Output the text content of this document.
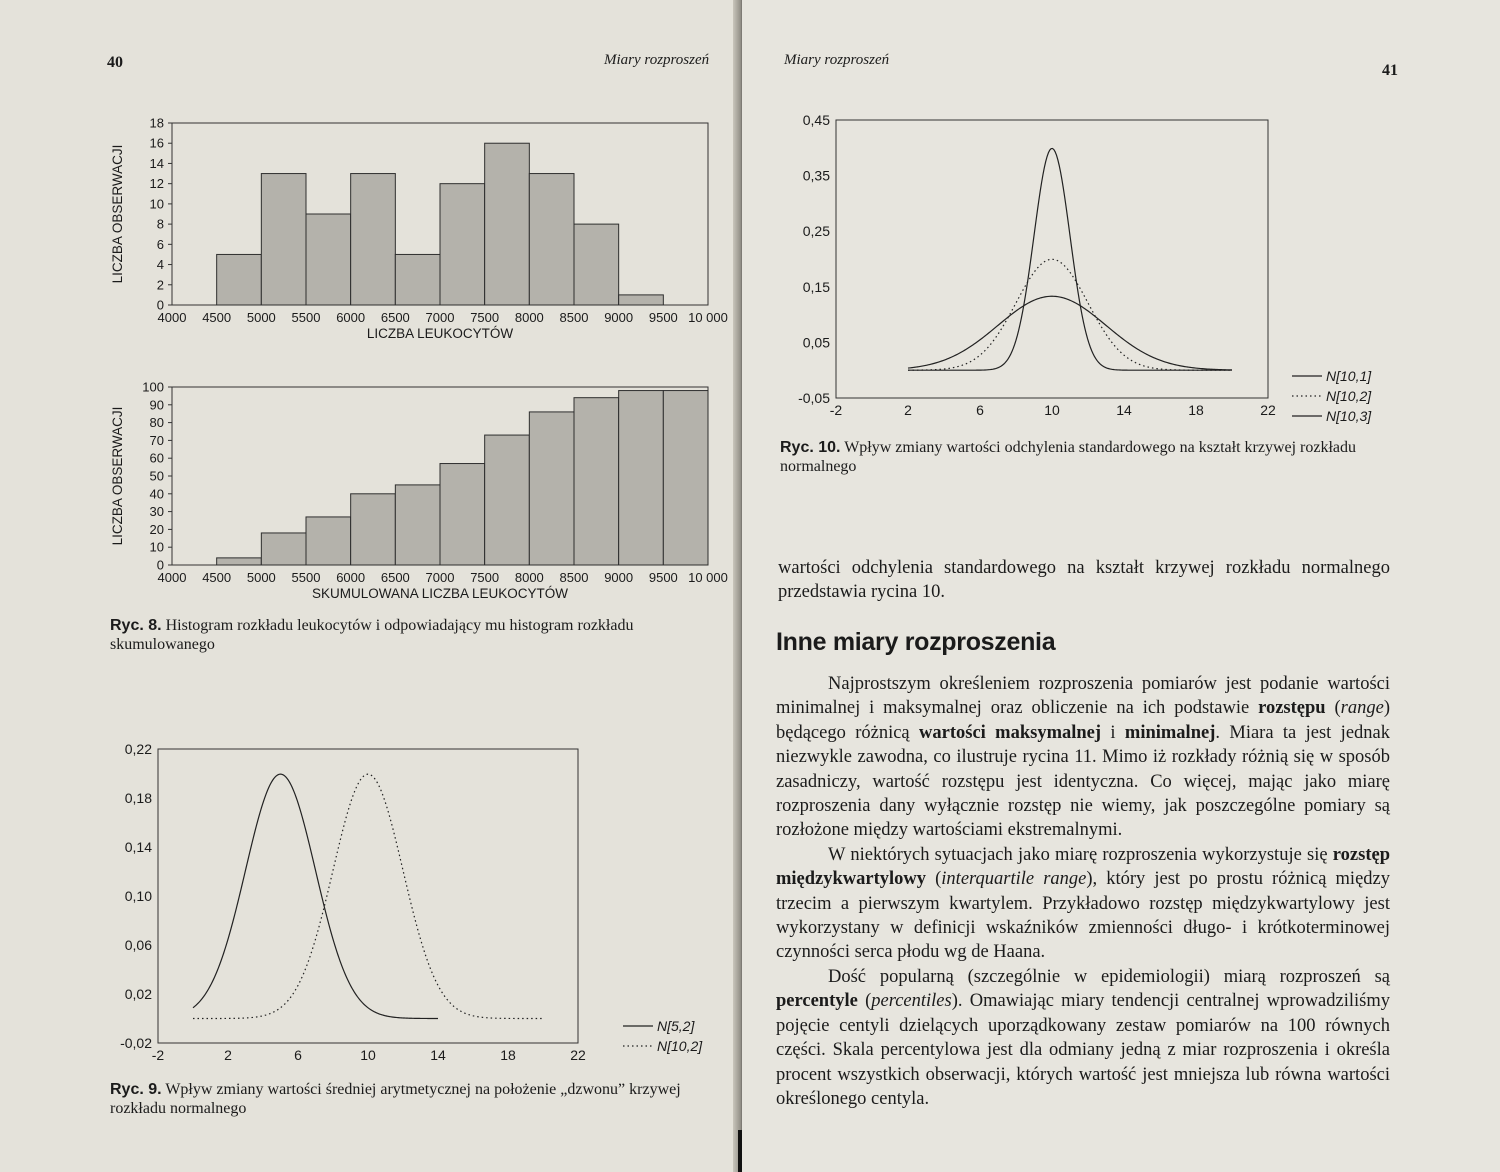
40	Miary rozproszeń
4000 4500 5000 5500 6000 6500 7000 7500 8000 8500 9000 9500 10 000
0
2
4
6
8
10
12
14
16
18
LICZBA LEUKOCYTÓW
LICZBA OBSERWACJI
4000 4500 5000 5500 6000 6500 7000 7500 8000 8500 9000 9500 10 000
0
10
20
30
40
50
60
70
80
90
100
SKUMULOWANA LICZBA LEUKOCYTÓW
LICZBA OBSERWACJI
Ryc. 8. Histogram rozkładu leukocytów i odpowiadający mu histogram rozkładu skumulowanego
-2	2	6	10	14	18	22
-0,02
0,02
0,06
0,10
0,14
0,18
0,22
N[5,2]
N[10,2]
Ryc. 9. Wpływ zmiany wartości średniej arytmetycznej na położenie „dzwonu” krzywej rozkładu normalnego
Miary rozproszeń
41
-2	2	6	10	14	18	22
-0,05
0,05
0,15
0,25
0,35
0,45
N[10,1]
N[10,2]
N[10,3]
Ryc. 10. Wpływ zmiany wartości odchylenia standardowego na kształt krzywej rozkładu normalnego

wartości odchylenia standardowego na kształt krzywej rozkładu normalnego przedstawia rycina 10.

Inne miary rozproszenia

Najprostszym określeniem rozproszenia pomiarów jest podanie wartości minimalnej i maksymalnej oraz obliczenie na ich podstawie rozstępu (range) będącego różnicą wartości maksymalnej i minimalnej. Miara ta jest jednak niezwykle zawodna, co ilustruje rycina 11. Mimo iż rozkłady różnią się w sposób zasadniczy, wartość rozstępu jest identyczna. Co więcej, mając jako miarę rozproszenia dany wyłącznie rozstęp nie wiemy, jak poszczególne pomiary są rozłożone między wartościami ekstremalnymi.

W niektórych sytuacjach jako miarę rozproszenia wykorzystuje się rozstęp międzykwartylowy (interquartile range), który jest po prostu różnicą między trzecim a pierwszym kwartylem. Przykładowo rozstęp międzykwartylowy jest wykorzystany w definicji wskaźników zmienności długo- i krótkoterminowej czynności serca płodu wg de Haana.

Dość popularną (szczególnie w epidemiologii) miarą rozproszeń są percentyle (percentiles). Omawiając miary tendencji centralnej wprowadziliśmy pojęcie centyli dzielących uporządkowany zestaw pomiarów na 100 równych części. Skala percentylowa jest dla odmiany jedną z miar rozproszenia i określa procent wszystkich obserwacji, których wartość jest mniejsza lub równa wartości określonego centyla.
